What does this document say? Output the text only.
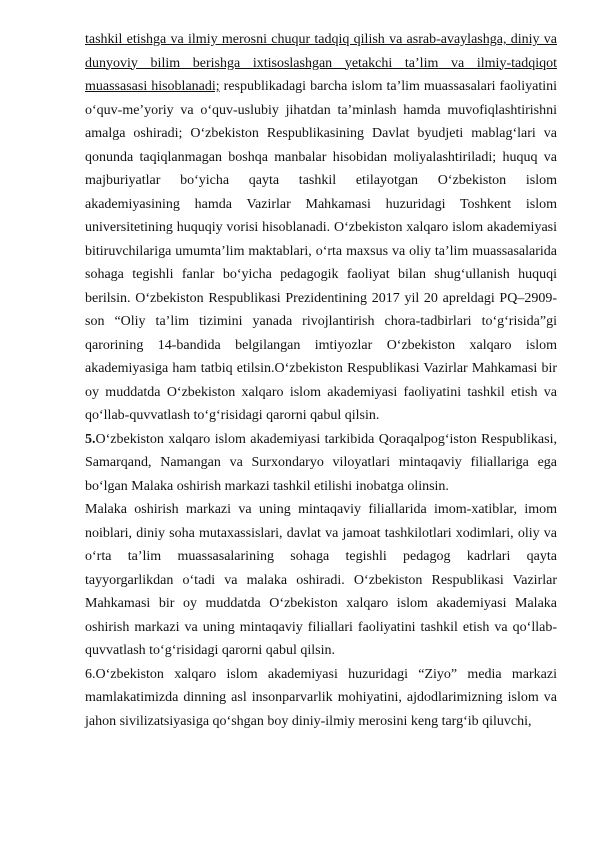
tashkil etishga va ilmiy merosni chuqur tadqiq qilish va asrab-avaylashga, diniy va dunyoviy bilim berishga ixtisoslashgan yetakchi ta’lim va ilmiy-tadqiqot muassasasi hisoblanadi; respublikadagi barcha islom ta’lim muassasalari faoliyatini o‘quv-me’yoriy va o‘quv-uslubiy jihatdan ta’minlash hamda muvofiqlashtirishni amalga oshiradi; O‘zbekiston Respublikasining Davlat byudjeti mablag‘lari va qonunda taqiqlanmagan boshqa manbalar hisobidan moliyalashtiriladi; huquq va majburiyatlar bo‘yicha qayta tashkil etilayotgan O‘zbekiston islom akademiyasining hamda Vazirlar Mahkamasi huzuridagi Toshkent islom universitetining huquqiy vorisi hisoblanadi. O‘zbekiston xalqaro islom akademiyasi bitiruvchilariga umumta’lim maktablari, o‘rta maxsus va oliy ta’lim muassasalarida sohaga tegishli fanlar bo‘yicha pedagogik faoliyat bilan shug‘ullanish huquqi berilsin. O‘zbekiston Respublikasi Prezidentining 2017 yil 20 apreldagi PQ–2909-son “Oliy ta’lim tizimini yanada rivojlantirish chora-tadbirlari to‘g‘risida”gi qarorining 14-bandida belgilangan imtiyozlar O‘zbekiston xalqaro islom akademiyasiga ham tatbiq etilsin.O‘zbekiston Respublikasi Vazirlar Mahkamasi bir oy muddatda O‘zbekiston xalqaro islom akademiyasi faoliyatini tashkil etish va qo‘llab-quvvatlash to‘g‘risidagi qarorni qabul qilsin.

5.O‘zbekiston xalqaro islom akademiyasi tarkibida Qoraqalpog‘iston Respublikasi, Samarqand, Namangan va Surxondaryo viloyatlari mintaqaviy filiallariga ega bo‘lgan Malaka oshirish markazi tashkil etilishi inobatga olinsin.

Malaka oshirish markazi va uning mintaqaviy filiallarida imom-xatiblar, imom noiblari, diniy soha mutaxassislari, davlat va jamoat tashkilotlari xodimlari, oliy va o‘rta ta’lim muassasalarining sohaga tegishli pedagog kadrlari qayta tayyorgarlikdan o‘tadi va malaka oshiradi. O‘zbekiston Respublikasi Vazirlar Mahkamasi bir oy muddatda O‘zbekiston xalqaro islom akademiyasi Malaka oshirish markazi va uning mintaqaviy filiallari faoliyatini tashkil etish va qo‘llab-quvvatlash to‘g‘risidagi qarorni qabul qilsin.

6.O‘zbekiston xalqaro islom akademiyasi huzuridagi “Ziyo” media markazi mamlakatimizda dinning asl insonparvarlik mohiyatini, ajdodlarimizning islom va jahon sivilizatsiyasiga qo‘shgan boy diniy-ilmiy merosini keng targ‘ib qiluvchi,
